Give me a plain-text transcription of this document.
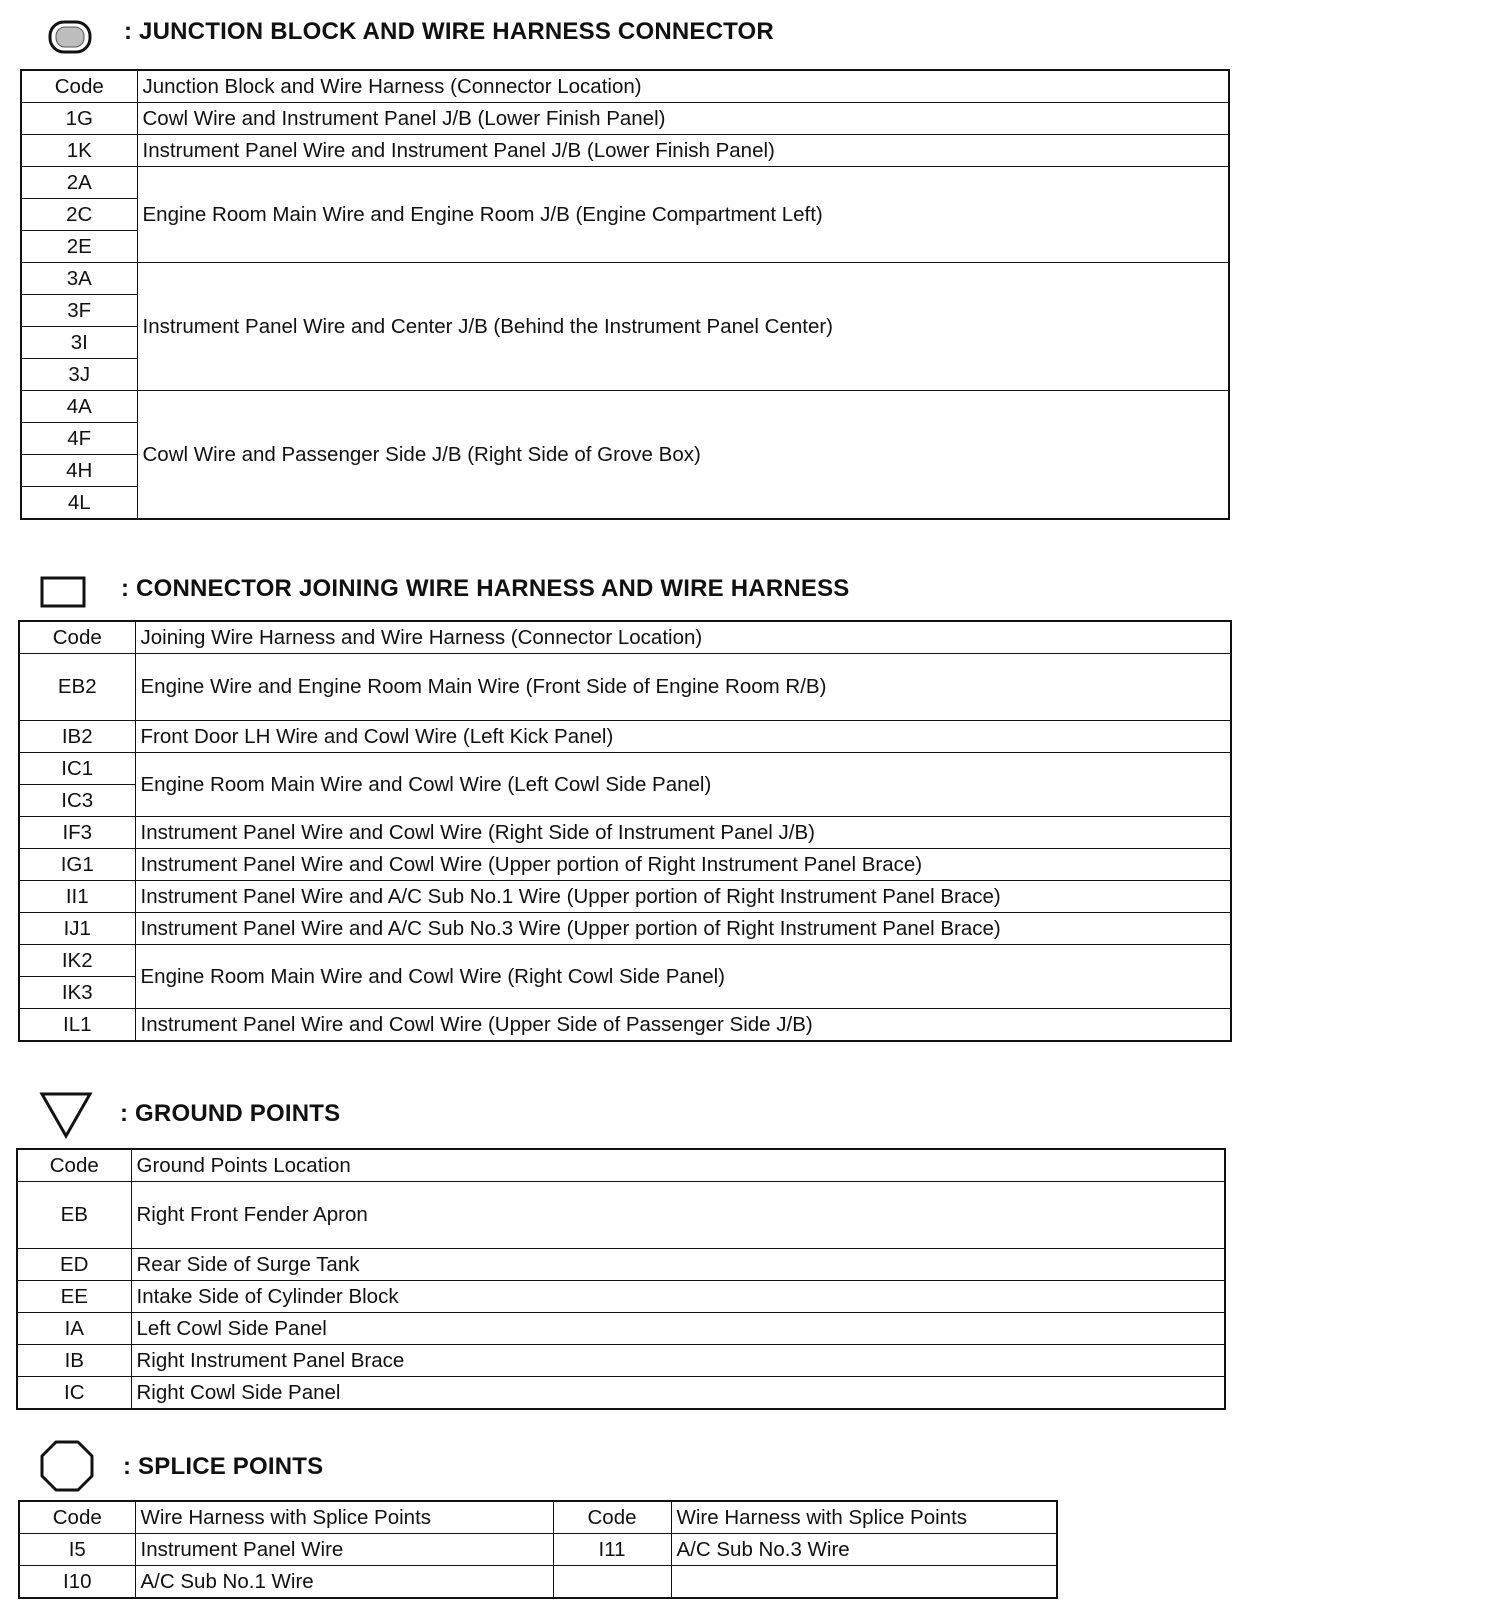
: JUNCTION BLOCK AND WIRE HARNESS CONNECTOR
Code	Junction Block and Wire Harness (Connector Location)
1G	Cowl Wire and Instrument Panel J/B (Lower Finish Panel)
1K	Instrument Panel Wire and Instrument Panel J/B (Lower Finish Panel)
2A	Engine Room Main Wire and Engine Room J/B (Engine Compartment Left)
2C	
2E	
3A	Instrument Panel Wire and Center J/B (Behind the Instrument Panel Center)
3F	
3I	
3J	
4A	Cowl Wire and Passenger Side J/B (Right Side of Grove Box)
4F	
4H	
4L	
: CONNECTOR JOINING WIRE HARNESS AND WIRE HARNESS
Code	Joining Wire Harness and Wire Harness (Connector Location)
EB2	Engine Wire and Engine Room Main Wire (Front Side of Engine Room R/B)
IB2	Front Door LH Wire and Cowl Wire (Left Kick Panel)
IC1	Engine Room Main Wire and Cowl Wire (Left Cowl Side Panel)
IC3	
IF3	Instrument Panel Wire and Cowl Wire (Right Side of Instrument Panel J/B)
IG1	Instrument Panel Wire and Cowl Wire (Upper portion of Right Instrument Panel Brace)
II1	Instrument Panel Wire and A/C Sub No.1 Wire (Upper portion of Right Instrument Panel Brace)
IJ1	Instrument Panel Wire and A/C Sub No.3 Wire (Upper portion of Right Instrument Panel Brace)
IK2	Engine Room Main Wire and Cowl Wire (Right Cowl Side Panel)
IK3	
IL1	Instrument Panel Wire and Cowl Wire (Upper Side of Passenger Side J/B)
: GROUND POINTS
Code	Ground Points Location
EB	Right Front Fender Apron
ED	Rear Side of Surge Tank
EE	Intake Side of Cylinder Block
IA	Left Cowl Side Panel
IB	Right Instrument Panel Brace
IC	Right Cowl Side Panel
: SPLICE POINTS
Code	Wire Harness with Splice Points	Code	Wire Harness with Splice Points
I5	Instrument Panel Wire	I11	A/C Sub No.3 Wire
I10	A/C Sub No.1 Wire		
